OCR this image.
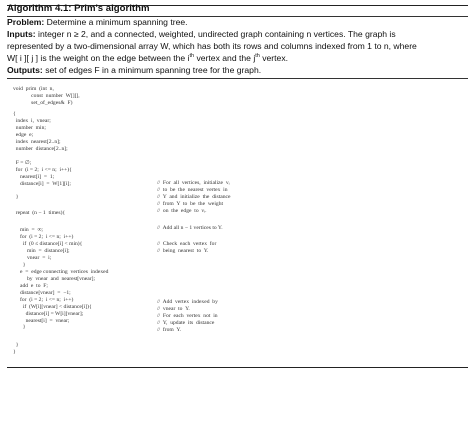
Algorithm 4.1: Prim's algorithm
Problem: Determine a minimum spanning tree.
Inputs: integer n ≥ 2, and a connected, weighted, undirected graph containing n vertices. The graph is
represented by a two-dimensional array W, which has both its rows and columns indexed from 1 to n, where
W[ i ][ j ] is the weight on the edge between the $i^{th}$ vertex and the $j^{th}$ vertex.
Outputs: set of edges F in a minimum spanning tree for the graph.
void  prim  (int  n,
const  number  W[][],
set_of_edges&  F)
{
index  i,  vnear;
number  min;
edge  e;
index  nearest[2..n];
number  distance[2..n];
F = ∅;
for  (i = 2;  i <= n;  i++){
nearest[i]  =  1;
distance[i]  =  W[1][i];
}
repeat  (n − 1  times){
min  =  ∞;
for  (i = 2;  i <= n;  i++)
if  (0 ≤ distance[i] < min){
min  =  distance[i];
vnear  =  i;
}
e  =  edge connecting  vertices  indexed
by  vnear  and  nearest[vnear];
add  e  to  F;
distance[vnear]  =  −1;
for  (i = 2;  i <= n;  i++)
if  (W[i][vnear] < distance[i]){
distance[i] = W[i][vnear];
nearest[i]  =  vnear;
}
}
}
//  For  all  vertices,  initialize  vᵢ
//  to  be  the  nearest  vertex  in
//  Y  and  initialize  the  distance
//  from  Y  to  be  the  weight
//  on  the  edge  to  vᵢ.
//  Add all n − 1 vertices to Y.
//  Check  each  vertex  for
//  being  nearest  to  Y.
//  Add  vertex  indexed  by
//  vnear  to  Y.
//  For  each  vertex  not  in
//  Y,  update  its  distance
//  from  Y.
